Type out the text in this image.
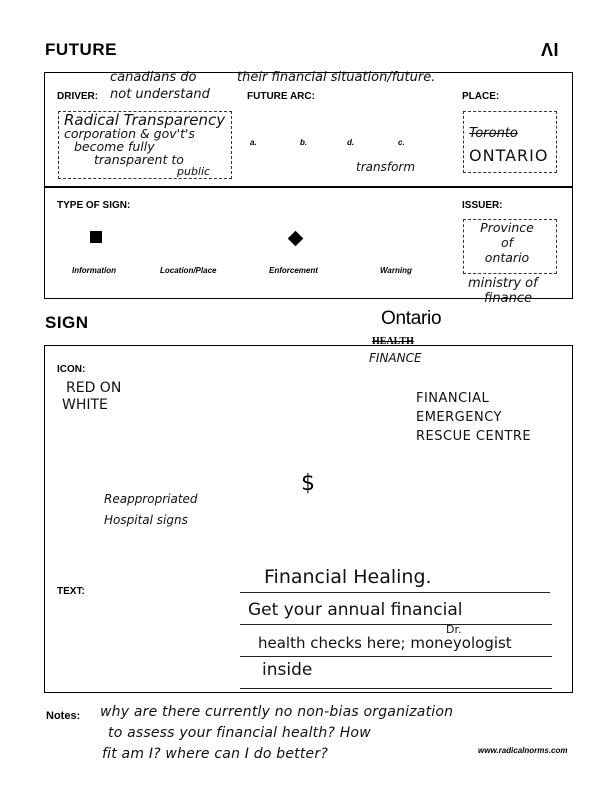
FUTURE	ΛΙ
DRIVER:
canadians do
not understand
their financial situation/future.
Radical Transparency
corporation & gov't's
become fully
transparent to
public
FUTURE ARC:
a.	b.	d.	c.
transform
PLACE:
Toronto
ONTARIO
TYPE OF SIGN:
Information	Location/Place	Enforcement	Warning
ISSUER:
Province
of
ontario
ministry of
finance
SIGN	Ontario
HEALTH
FINANCE
ICON:
RED ON
WHITE
$
FINANCIAL
EMERGENCY
RESCUE CENTRE
Reappropriated
Hospital signs
TEXT:
Financial Healing.
Get your annual financial
Dr.
health checks here; moneyologist
inside
Notes: why are there currently no non-bias organization
to assess your financial health? How
fit am I? where can I do better?	www.radicalnorms.com
